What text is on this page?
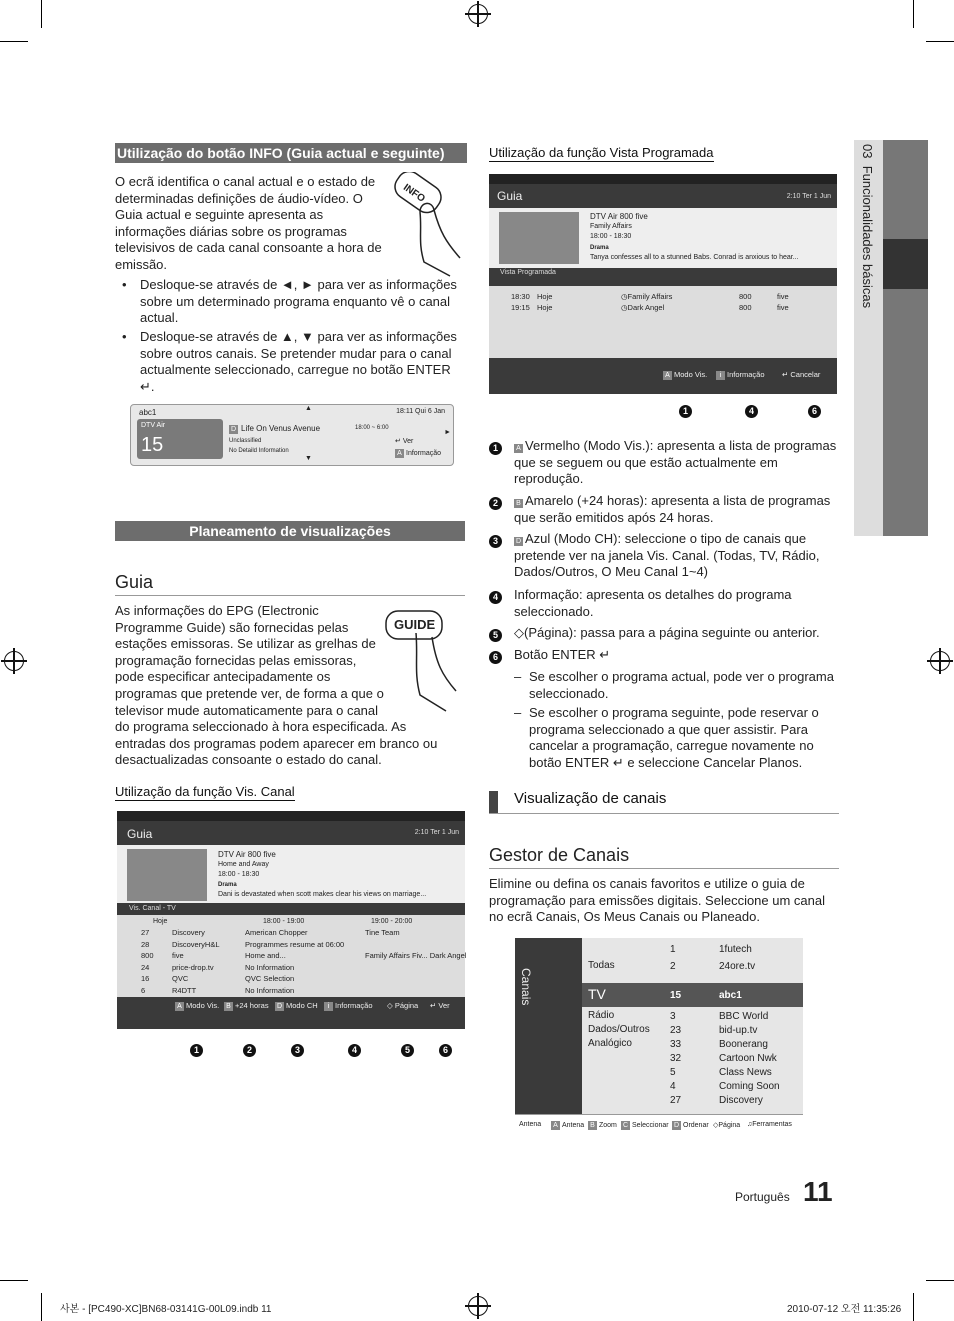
Utilização do botão INFO (Guia actual e seguinte)
O ecrã identifica o canal actual e o estado de determinadas definições de áudio-vídeo. O Guia actual e seguinte apresenta as informações diárias sobre os programas televisivos de cada canal consoante a hora de emissão.
INFO
•	Desloque-se através de ◄, ► para ver as informações sobre um determinado programa enquanto vê o canal actual.
•	Desloque-se através de ▲, ▼ para ver as informações sobre outros canais. Se pretender mudar para o canal actualmente seleccionado, carregue no botão ENTER ↵.
abc1	18:11 Qui 6 Jan
DTV Air
15
▲
▼
D Life On Venus Avenue	18:00 ~ 6:00
Unclassified
No Detaild Information
↵ Ver
A Informação
►
Planeamento de visualizações
Guia
GUIDE
As informações do EPG (Electronic Programme Guide) são fornecidas pelas estações emissoras. Se utilizar as grelhas de programação fornecidas pelas emissoras, pode especificar antecipadamente os programas que pretende ver, de forma a que o televisor mude automaticamente para o canal do programa seleccionado à hora especificada. As entradas dos programas podem aparecer em branco ou desactualizadas consoante o estado do canal.
Utilização da função Vis. Canal
Guia	2:10 Ter 1 Jun
DTV Air 800 five
Home and Away
18:00 - 18:30
Drama
Dani is devastated when scott makes clear his views on marriage...
Vis. Canal - TV
Hoje	18:00 - 19:00	19:00 - 20:00
27	Discovery	American Chopper	Tine Team
28	DiscoveryH&L	Programmes resume at 06:00
800 five	Home and...	Family Affairs Fiv... Dark Angel
24	price-drop.tv	No Information
16	QVC	QVC Selection
6	R4DTT	No Information
A Modo Vis. B +24 horas D Modo CH	i Informação ◇ Página ↵ Ver
1	2	3	4	5	6
Utilização da função Vista Programada
Guia	2:10 Ter 1 Jun
DTV Air 800 five
Family Affairs
18:00 - 18:30
Drama
Tanya confesses all to a stunned Babs. Conrad is anxious to hear...
Vista Programada
18:30 Hoje	◷Family Affairs	800	five
19:15 Hoje	◷Dark Angel	800	five
A Modo Vis.	i Informação ↵ Cancelar
1	4	6
1	A Vermelho (Modo Vis.): apresenta a lista de programas que se seguem ou que estão actualmente em reprodução.
2	B Amarelo (+24 horas): apresenta a lista de programas que serão emitidos após 24 horas.
3	D Azul (Modo CH): seleccione o tipo de canais que pretende ver na janela Vis. Canal. (Todas, TV, Rádio, Dados/Outros, O Meu Canal 1~4)
4	Informação: apresenta os detalhes do programa seleccionado.
5	◇(Página): passa para a página seguinte ou anterior.
6	Botão ENTER ↵
– Se escolher o programa actual, pode ver o programa seleccionado.
– Se escolher o programa seguinte, pode reservar o programa seleccionado a que quer assistir. Para cancelar a programação, carregue novamente no botão ENTER ↵ e seleccione Cancelar Planos.
Visualização de canais
Gestor de Canais
Elimine ou defina os canais favoritos e utilize o guia de programação para emissões digitais. Seleccione um canal no ecrã Canais, Os Meus Canais ou Planeado.
Canais
Todas
TV
Rádio
Dados/Outros
Analógico
1	1futech
2	24ore.tv
15	abc1
3	BBC World
23	bid-up.tv
33	Boonerang
32	Cartoon Nwk
5	Class News
4	Coming Soon
27	Discovery
Antena	A Antena B Zoom C Seleccionar D Ordenar ◇Página ♫Ferramentas
03  Funcionalidades básicas
Português 11
사본 - [PC490-XC]BN68-03141G-00L09.indb 11	2010-07-12 오전 11:35:26
